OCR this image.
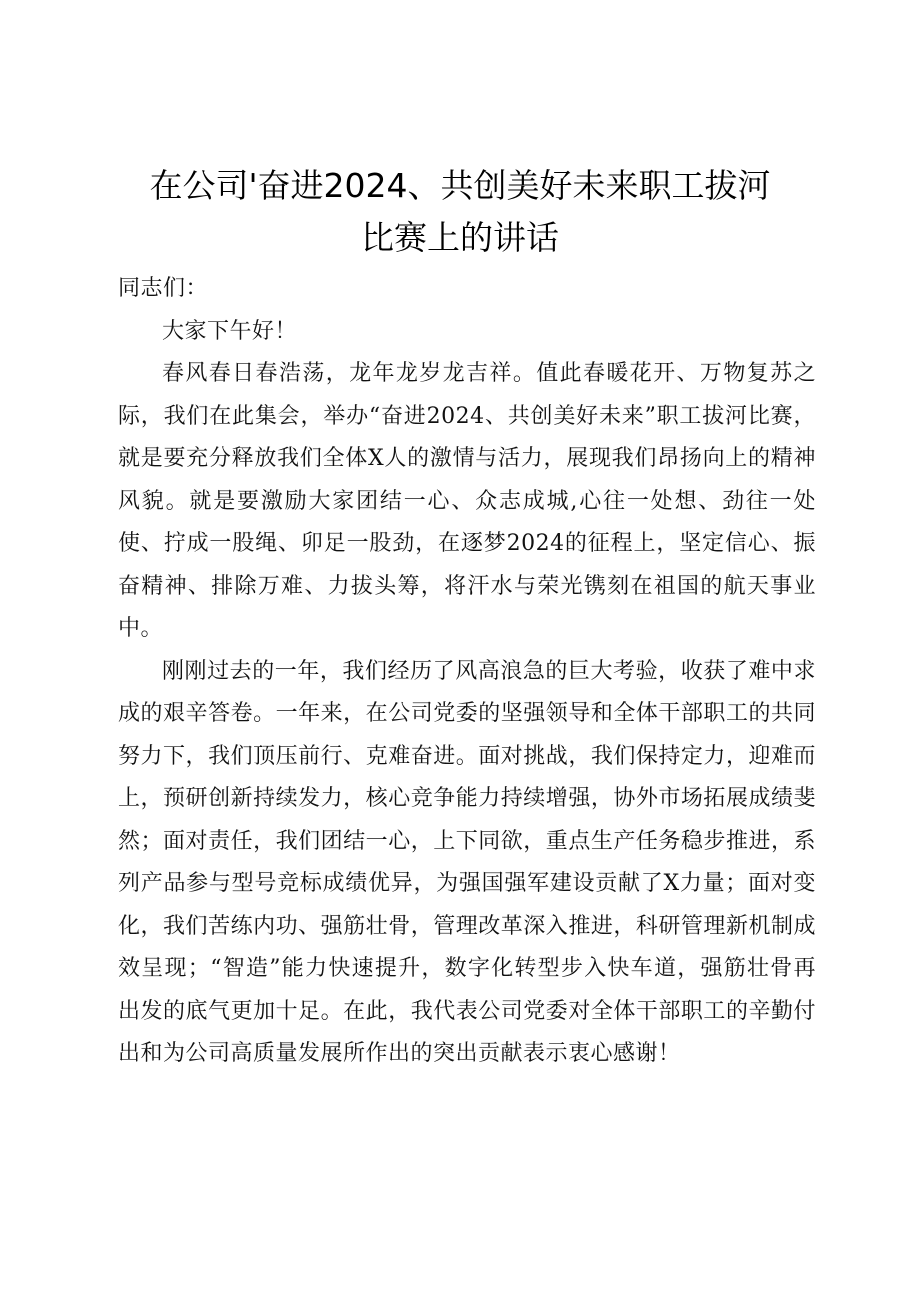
在公司'奋进2024、共创美好未来职工拔河
比赛上的讲话

同志们：

大家下午好！

春风春日春浩荡，龙年龙岁龙吉祥。值此春暖花开、万物复苏之际，我们在此集会，举办“奋进2024、共创美好未来”职工拔河比赛，就是要充分释放我们全体X人的激情与活力，展现我们昂扬向上的精神风貌。就是要激励大家团结一心、众志成城,心往一处想、劲往一处使、拧成一股绳、卯足一股劲，在逐梦2024的征程上，坚定信心、振奋精神、排除万难、力拔头筹，将汗水与荣光镌刻在祖国的航天事业中。

刚刚过去的一年，我们经历了风高浪急的巨大考验，收获了难中求成的艰辛答卷。一年来，在公司党委的坚强领导和全体干部职工的共同努力下，我们顶压前行、克难奋进。面对挑战，我们保持定力，迎难而上，预研创新持续发力，核心竞争能力持续增强，协外市场拓展成绩斐然；面对责任，我们团结一心，上下同欲，重点生产任务稳步推进，系列产品参与型号竞标成绩优异，为强国强军建设贡献了X力量；面对变化，我们苦练内功、强筋壮骨，管理改革深入推进，科研管理新机制成效呈现；“智造”能力快速提升，数字化转型步入快车道，强筋壮骨再出发的底气更加十足。在此，我代表公司党委对全体干部职工的辛勤付出和为公司高质量发展所作出的突出贡献表示衷心感谢！
